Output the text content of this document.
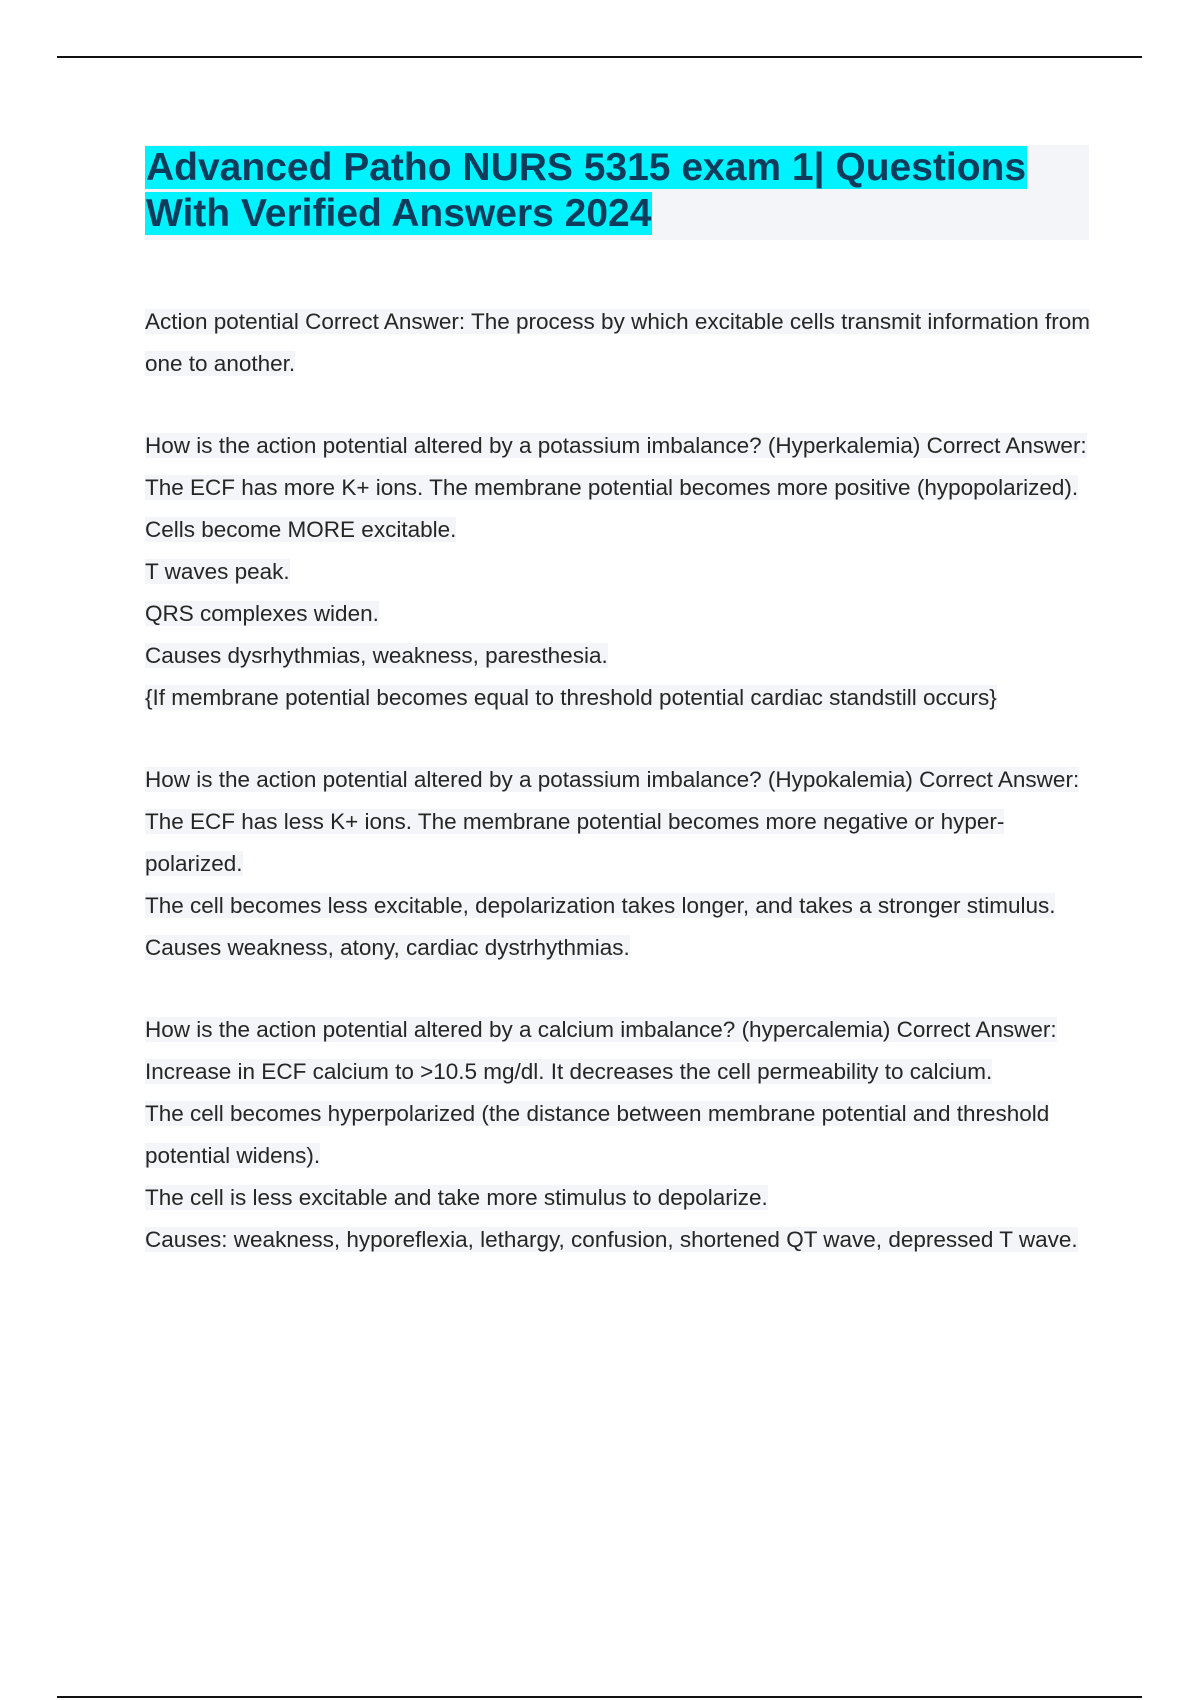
Advanced Patho NURS 5315 exam 1| Questions With Verified Answers 2024
Action potential Correct Answer: The process by which excitable cells transmit information from one to another.
How is the action potential altered by a potassium imbalance? (Hyperkalemia) Correct Answer: The ECF has more K+ ions. The membrane potential becomes more positive (hypopolarized).
Cells become MORE excitable.
T waves peak.
QRS complexes widen.
Causes dysrhythmias, weakness, paresthesia.
{If membrane potential becomes equal to threshold potential cardiac standstill occurs}
How is the action potential altered by a potassium imbalance? (Hypokalemia) Correct Answer: The ECF has less K+ ions. The membrane potential becomes more negative or hyper-polarized.
The cell becomes less excitable, depolarization takes longer, and takes a stronger stimulus.
Causes weakness, atony, cardiac dystrhythmias.
How is the action potential altered by a calcium imbalance? (hypercalemia) Correct Answer: Increase in ECF calcium to >10.5 mg/dl. It decreases the cell permeability to calcium.
The cell becomes hyperpolarized (the distance between membrane potential and threshold potential widens).
The cell is less excitable and take more stimulus to depolarize.
Causes: weakness, hyporeflexia, lethargy, confusion, shortened QT wave, depressed T wave.
